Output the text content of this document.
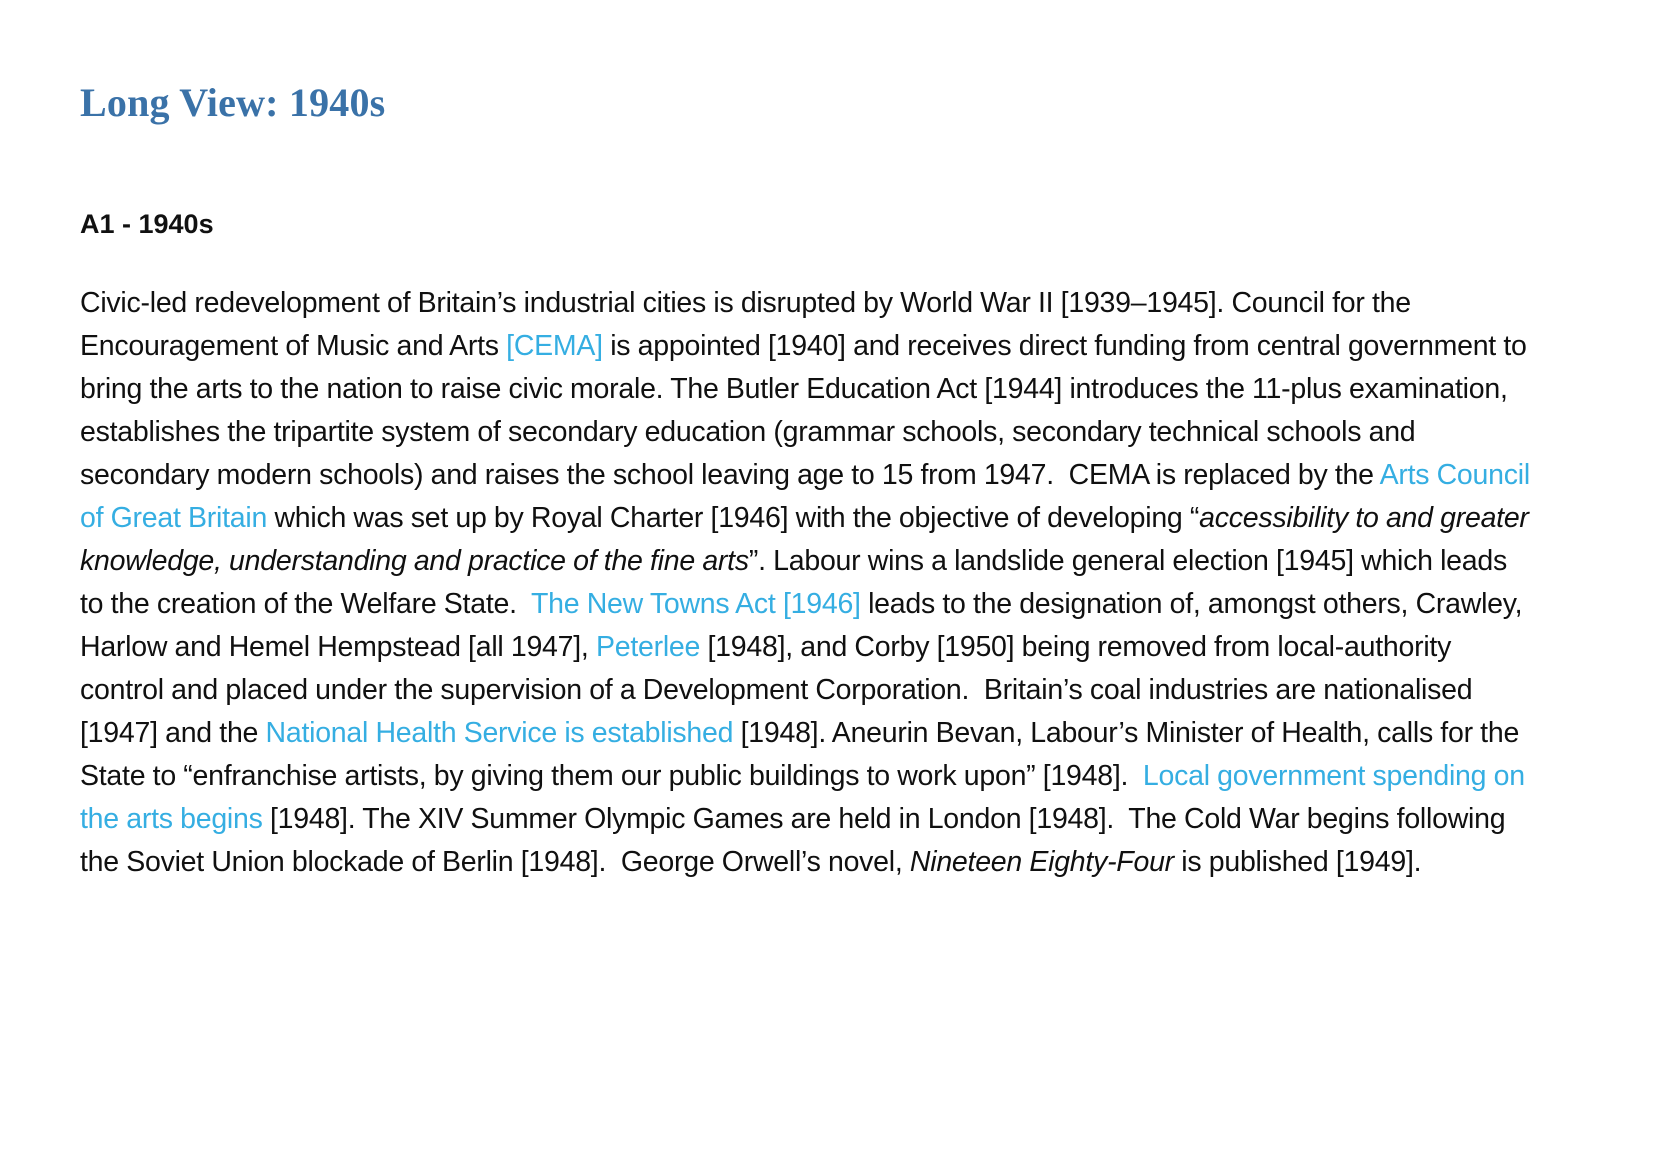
Long View: 1940s
A1 - 1940s

Civic-led redevelopment of Britain’s industrial cities is disrupted by World War II [1939–1945]. Council for the Encouragement of Music and Arts [CEMA] is appointed [1940] and receives direct funding from central government to bring the arts to the nation to raise civic morale. The Butler Education Act [1944] introduces the 11-plus examination, establishes the tripartite system of secondary education (grammar schools, secondary technical schools and secondary modern schools) and raises the school leaving age to 15 from 1947.  CEMA is replaced by the Arts Council of Great Britain which was set up by Royal Charter [1946] with the objective of developing “accessibility to and greater knowledge, understanding and practice of the fine arts”. Labour wins a landslide general election [1945] which leads to the creation of the Welfare State.  The New Towns Act [1946] leads to the designation of, amongst others, Crawley, Harlow and Hemel Hempstead [all 1947], Peterlee [1948], and Corby [1950] being removed from local-authority control and placed under the supervision of a Development Corporation.  Britain’s coal industries are nationalised [1947] and the National Health Service is established [1948]. Aneurin Bevan, Labour’s Minister of Health, calls for the State to “enfranchise artists, by giving them our public buildings to work upon” [1948].  Local government spending on the arts begins [1948]. The XIV Summer Olympic Games are held in London [1948].  The Cold War begins following the Soviet Union blockade of Berlin [1948].  George Orwell’s novel, Nineteen Eighty-Four is published [1949].
